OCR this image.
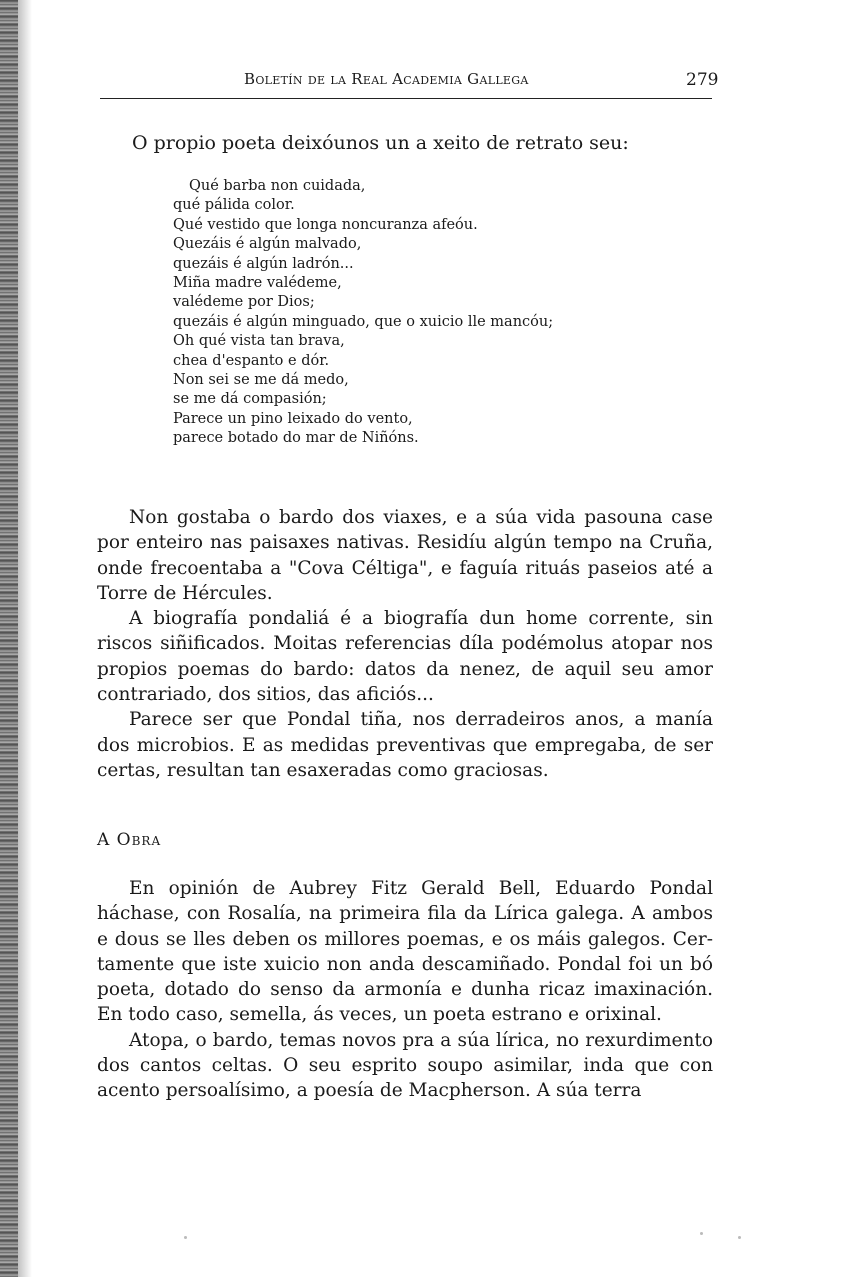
Boletín de la Real Academia Gallega	279
O propio poeta deixóunos un a xeito de retrato seu:
Qué barba non cuidada,
qué pálida color.
Qué vestido que longa noncuranza afeóu.
Quezáis é algún malvado,
quezáis é algún ladrón...
Miña madre valédeme,
valédeme por Dios;
quezáis é algún minguado, que o xuicio lle mancóu;
Oh qué vista tan brava,
chea d'espanto e dór.
Non sei se me dá medo,
se me dá compasión;
Parece un pino leixado do vento,
parece botado do mar de Niñóns.

Non gostaba o bardo dos viaxes, e a súa vida pasouna case por enteiro nas paisaxes nativas. Residíu algún tempo na Cruña, onde frecoentaba a "Cova Céltiga", e faguía rituás paseios até a Torre de Hércules.

A biografía pondaliá é a biografía dun home corrente, sin riscos siñificados. Moitas referencias díla podémolus atopar nos propios poemas do bardo: datos da nenez, de aquil seu amor contrariado, dos sitios, das aficiós...

Parece ser que Pondal tiña, nos derradeiros anos, a manía dos microbios. E as medidas preventivas que empregaba, de ser certas, resultan tan esaxeradas como graciosas.

A Obra

En opinión de Aubrey Fitz Gerald Bell, Eduardo Pondal háchase, con Rosalía, na primeira fila da Lírica galega. A ambos e dous se lles deben os millores poemas, e os máis galegos. Certamente que iste xuicio non anda descamiñado. Pondal foi un bó poeta, dotado do senso da armonía e dunha ricaz imaxinación. En todo caso, semella, ás veces, un poeta estrano e orixinal.

Atopa, o bardo, temas novos pra a súa lírica, no rexurdimento dos cantos celtas. O seu esprito soupo asimilar, inda que con acento persoalísimo, a poesía de Macpherson. A súa terra
